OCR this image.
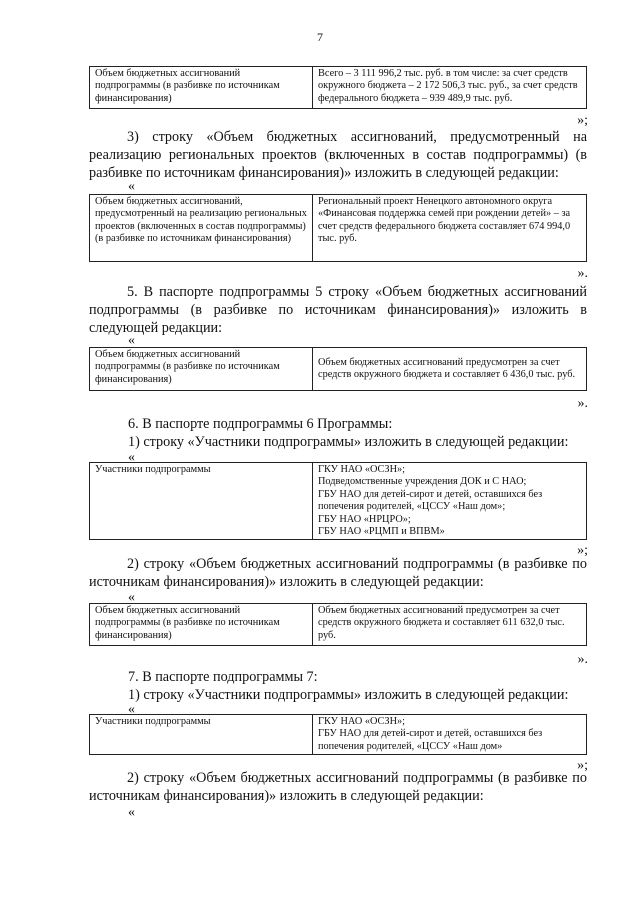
7
Объем бюджетных ассигнований подпрограммы (в разбивке по источникам финансирования)	Всего – 3 111 996,2 тыс. руб. в том числе: за счет средств окружного бюджета – 2 172 506,3 тыс. руб., за счет средств федерального бюджета – 939 489,9 тыс. руб.
»;

3) строку «Объем бюджетных ассигнований, предусмотренный на реализацию региональных проектов (включенных в состав подпрограммы) (в разбивке по источникам финансирования)» изложить в следующей редакции:

«
Объем бюджетных ассигнований, предусмотренный на реализацию региональных проектов (включенных в состав подпрограммы) (в разбивке по источникам финансирования)	Региональный проект Ненецкого автономного округа «Финансовая поддержка семей при рождении детей» – за счет средств федерального бюджета составляет 674 994,0 тыс. руб.
».

5. В паспорте подпрограммы 5 строку «Объем бюджетных ассигнований подпрограммы (в разбивке по источникам финансирования)» изложить в следующей редакции:

«
Объем бюджетных ассигнований подпрограммы (в разбивке по источникам финансирования)	Объем бюджетных ассигнований предусмотрен за счет средств окружного бюджета и составляет 6 436,0 тыс. руб.
».

6. В паспорте подпрограммы 6 Программы:

1) строку «Участники подпрограммы» изложить в следующей редакции:

«
Участники подпрограммы	ГКУ НАО «ОСЗН»;
Подведомственные учреждения ДОК и С НАО;
ГБУ НАО для детей-сирот и детей, оставшихся без попечения родителей, «ЦССУ «Наш дом»;
ГБУ НАО «НРЦРО»;
ГБУ НАО «РЦМП и ВПВМ»
»;

2) строку «Объем бюджетных ассигнований подпрограммы (в разбивке по источникам финансирования)» изложить в следующей редакции:

«
Объем бюджетных ассигнований подпрограммы (в разбивке по источникам финансирования)	Объем бюджетных ассигнований предусмотрен за счет средств окружного бюджета и составляет 611 632,0 тыс. руб.
».

7. В паспорте подпрограммы 7:

1) строку «Участники подпрограммы» изложить в следующей редакции:

«
Участники подпрограммы	ГКУ НАО «ОСЗН»;
ГБУ НАО для детей-сирот и детей, оставшихся без попечения родителей, «ЦССУ «Наш дом»
»;

2) строку «Объем бюджетных ассигнований подпрограммы (в разбивке по источникам финансирования)» изложить в следующей редакции:

«
